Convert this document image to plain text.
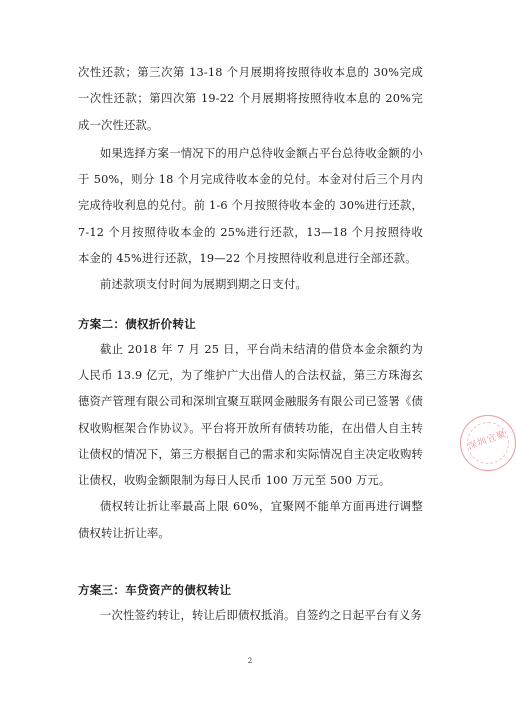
次性还款；第三次第 13-18 个月展期将按照待收本息的 30%完成一次性还款；第四次第 19-22 个月展期将按照待收本息的 20%完成一次性还款。

如果选择方案一情况下的用户总待收金额占平台总待收金额的小于 50%，则分 18 个月完成待收本金的兑付。本金对付后三个月内完成待收利息的兑付。前 1-6 个月按照待收本金的 30%进行还款，7-12 个月按照待收本金的 25%进行还款，13—18 个月按照待收本金的 45%进行还款，19—22 个月按照待收利息进行全部还款。

前述款项支付时间为展期到期之日支付。

方案二：债权折价转让

截止 2018 年 7 月 25 日，平台尚未结清的借贷本金余额约为人民币 13.9 亿元，为了维护广大出借人的合法权益，第三方珠海玄德资产管理有限公司和深圳宜聚互联网金融服务有限公司已签署《债权收购框架合作协议》。平台将开放所有债转功能，在出借人自主转让债权的情况下，第三方根据自己的需求和实际情况自主决定收购转让债权，收购金额限制为每日人民币 100 万元至 500 万元。

债权转让折让率最高上限 60%，宜聚网不能单方面再进行调整债权转让折让率。

方案三：车贷资产的债权转让

一次性签约转让，转让后即债权抵消。自签约之日起平台有义务

深圳宜聚
2
